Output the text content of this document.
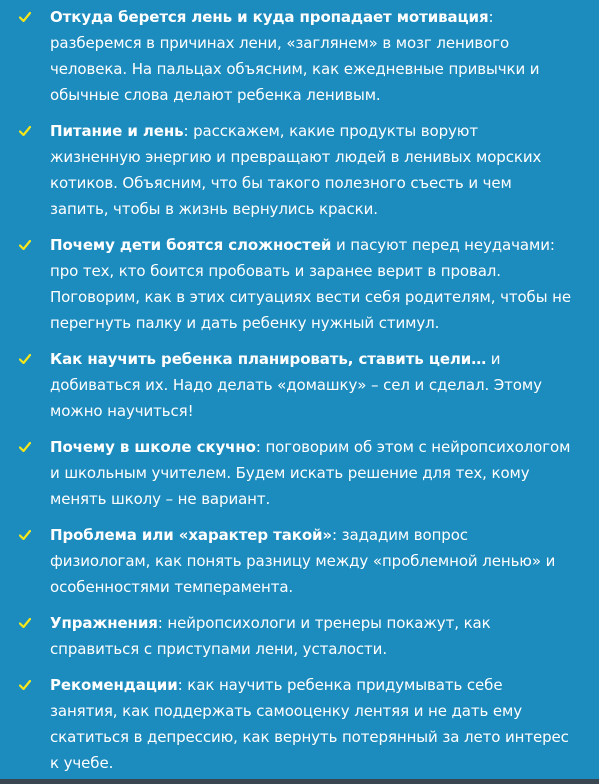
Откуда берется лень и куда пропадает мотивация: разберемся в причинах лени, «заглянем» в мозг ленивого человека. На пальцах объясним, как ежедневные привычки и обычные слова делают ребенка ленивым.

Питание и лень: расскажем, какие продукты воруют жизненную энергию и превращают людей в ленивых морских котиков. Объясним, что бы такого полезного съесть и чем запить, чтобы в жизнь вернулись краски.

Почему дети боятся сложностей и пасуют перед неудачами: про тех, кто боится пробовать и заранее верит в провал. Поговорим, как в этих ситуациях вести себя родителям, чтобы не перегнуть палку и дать ребенку нужный стимул.

Как научить ребенка планировать, ставить цели… и добиваться их. Надо делать «домашку» – сел и сделал. Этому можно научиться!

Почему в школе скучно: поговорим об этом с нейропсихологом и школьным учителем. Будем искать решение для тех, кому менять школу – не вариант.

Проблема или «характер такой»: зададим вопрос физиологам, как понять разницу между «проблемной ленью» и особенностями темперамента.

Упражнения: нейропсихологи и тренеры покажут, как справиться с приступами лени, усталости.

Рекомендации: как научить ребенка придумывать себе занятия, как поддержать самооценку лентяя и не дать ему скатиться в депрессию, как вернуть потерянный за лето интерес к учебе.
